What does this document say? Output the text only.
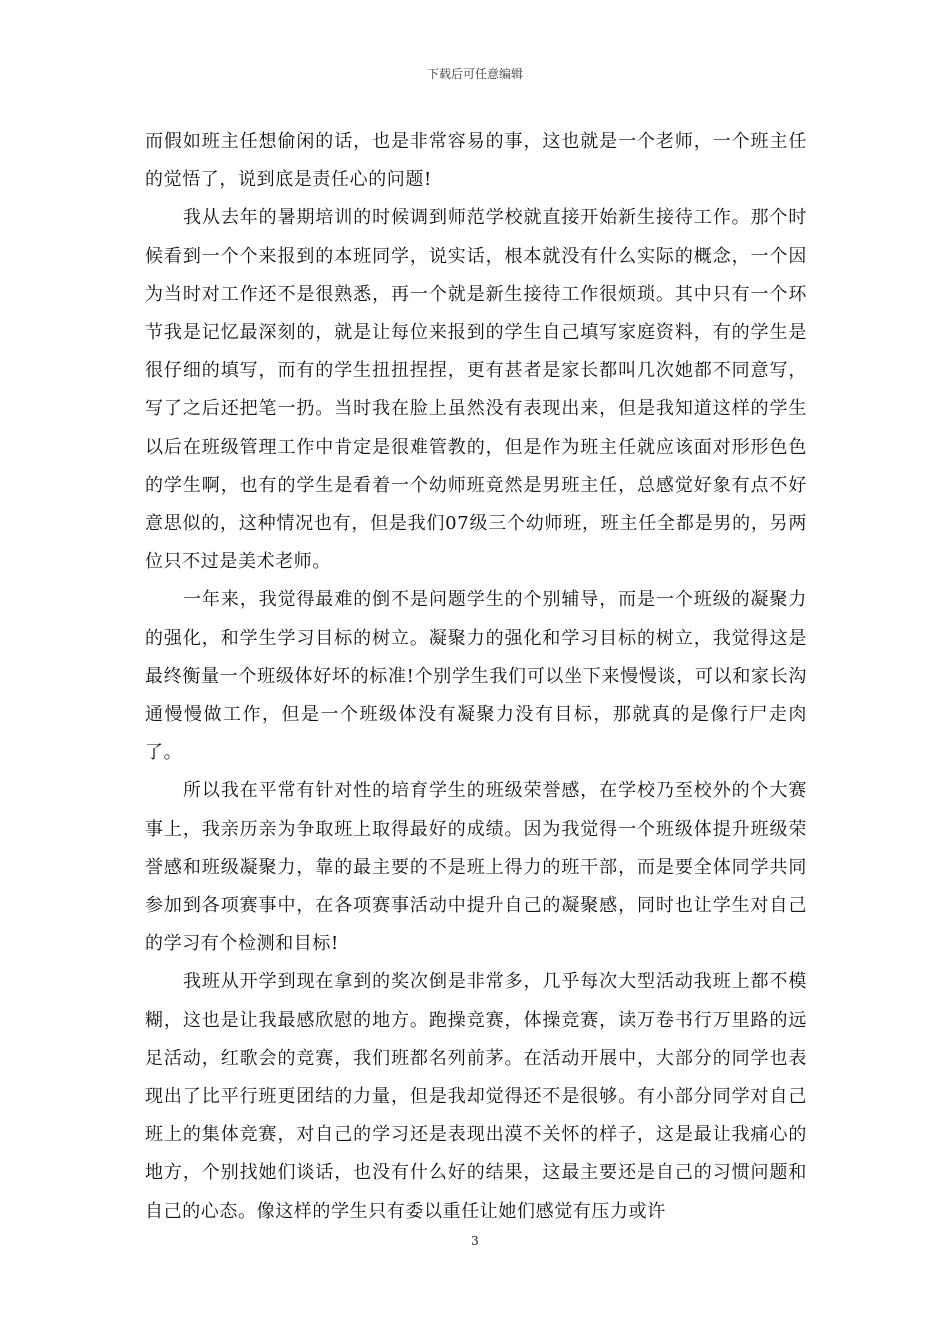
下载后可任意编辑

而假如班主任想偷闲的话，也是非常容易的事，这也就是一个老师，一个班主任的觉悟了，说到底是责任心的问题!

我从去年的暑期培训的时候调到师范学校就直接开始新生接待工作。那个时候看到一个个来报到的本班同学，说实话，根本就没有什么实际的概念，一个因为当时对工作还不是很熟悉，再一个就是新生接待工作很烦琐。其中只有一个环节我是记忆最深刻的，就是让每位来报到的学生自己填写家庭资料，有的学生是很仔细的填写，而有的学生扭扭捏捏，更有甚者是家长都叫几次她都不同意写，写了之后还把笔一扔。当时我在脸上虽然没有表现出来，但是我知道这样的学生以后在班级管理工作中肯定是很难管教的，但是作为班主任就应该面对形形色色的学生啊，也有的学生是看着一个幼师班竟然是男班主任，总感觉好象有点不好意思似的，这种情况也有，但是我们07级三个幼师班，班主任全都是男的，另两位只不过是美术老师。

一年来，我觉得最难的倒不是问题学生的个别辅导，而是一个班级的凝聚力的强化，和学生学习目标的树立。凝聚力的强化和学习目标的树立，我觉得这是最终衡量一个班级体好坏的标准!个别学生我们可以坐下来慢慢谈，可以和家长沟通慢慢做工作，但是一个班级体没有凝聚力没有目标，那就真的是像行尸走肉了。

所以我在平常有针对性的培育学生的班级荣誉感，在学校乃至校外的个大赛事上，我亲历亲为争取班上取得最好的成绩。因为我觉得一个班级体提升班级荣誉感和班级凝聚力，靠的最主要的不是班上得力的班干部，而是要全体同学共同参加到各项赛事中，在各项赛事活动中提升自己的凝聚感，同时也让学生对自己的学习有个检测和目标!

我班从开学到现在拿到的奖次倒是非常多，几乎每次大型活动我班上都不模糊，这也是让我最感欣慰的地方。跑操竞赛，体操竞赛，读万卷书行万里路的远足活动，红歌会的竞赛，我们班都名列前茅。在活动开展中，大部分的同学也表现出了比平行班更团结的力量，但是我却觉得还不是很够。有小部分同学对自己班上的集体竞赛，对自己的学习还是表现出漠不关怀的样子，这是最让我痛心的地方，个别找她们谈话，也没有什么好的结果，这最主要还是自己的习惯问题和自己的心态。像这样的学生只有委以重任让她们感觉有压力或许

3
